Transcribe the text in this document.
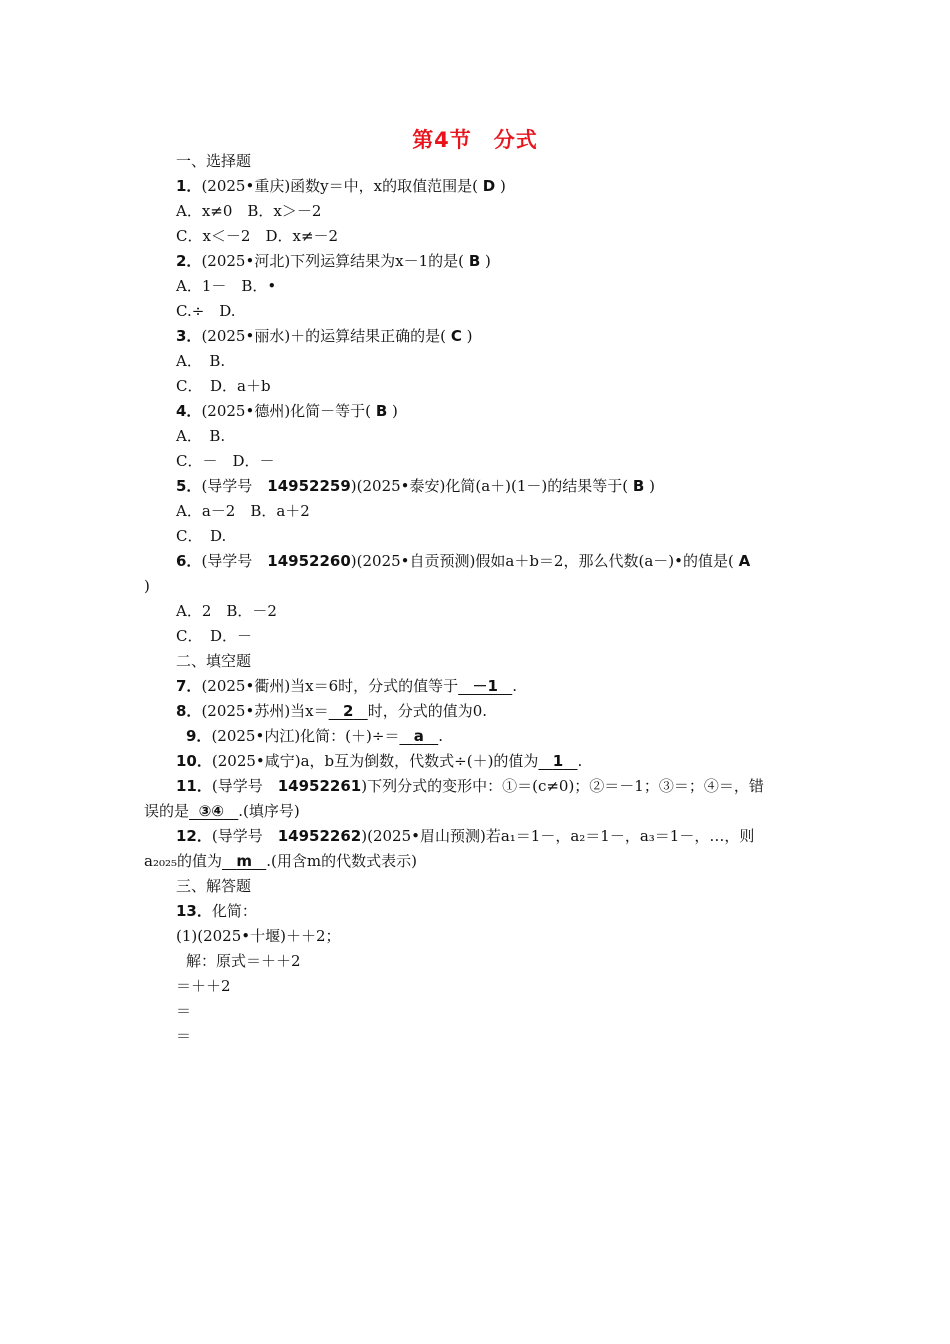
第4节　分式
一、选择题
1．(2025•重庆)函数y＝中，x的取值范围是( D )
A．x≠0　B．x＞－2
C．x＜－2　D．x≠－2
2．(2025•河北)下列运算结果为x－1的是( B )
A．1－　B．•
C.÷　D.
3．(2025•丽水)＋的运算结果正确的是( C )
A．　B.
C．　D．a＋b
4．(2025•德州)化简－等于( B )
A．　B.
C．－　D．－
5．(导学号　14952259)(2025•泰安)化简(a＋)(1－)的结果等于( B )
A．a－2　B．a＋2
C．　D.
6．(导学号　14952260)(2025•自贡预测)假如a＋b＝2，那么代数(a－)•的值是( A
)
A．2　B．－2
C．　D．－
二、填空题
7．(2025•衢州)当x＝6时，分式的值等于 －1 .
8．(2025•苏州)当x＝ 2 时，分式的值为0.
9．(2025•内江)化简：(＋)÷＝ a .
10．(2025•咸宁)a，b互为倒数，代数式÷(＋)的值为 1 .
11．(导学号　14952261)下列分式的变形中：①＝(c≠0)；②＝－1；③＝；④＝，错
误的是 ③④ .(填序号)
12．(导学号　14952262)(2025•眉山预测)若a₁＝1－，a₂＝1－，a₃＝1－，…，则
a₂₀₂₅的值为 m .(用含m的代数式表示)
三、解答题
13．化简：
(1)(2025•十堰)＋＋2；
解：原式＝＋＋2
＝＋＋2
＝
＝
